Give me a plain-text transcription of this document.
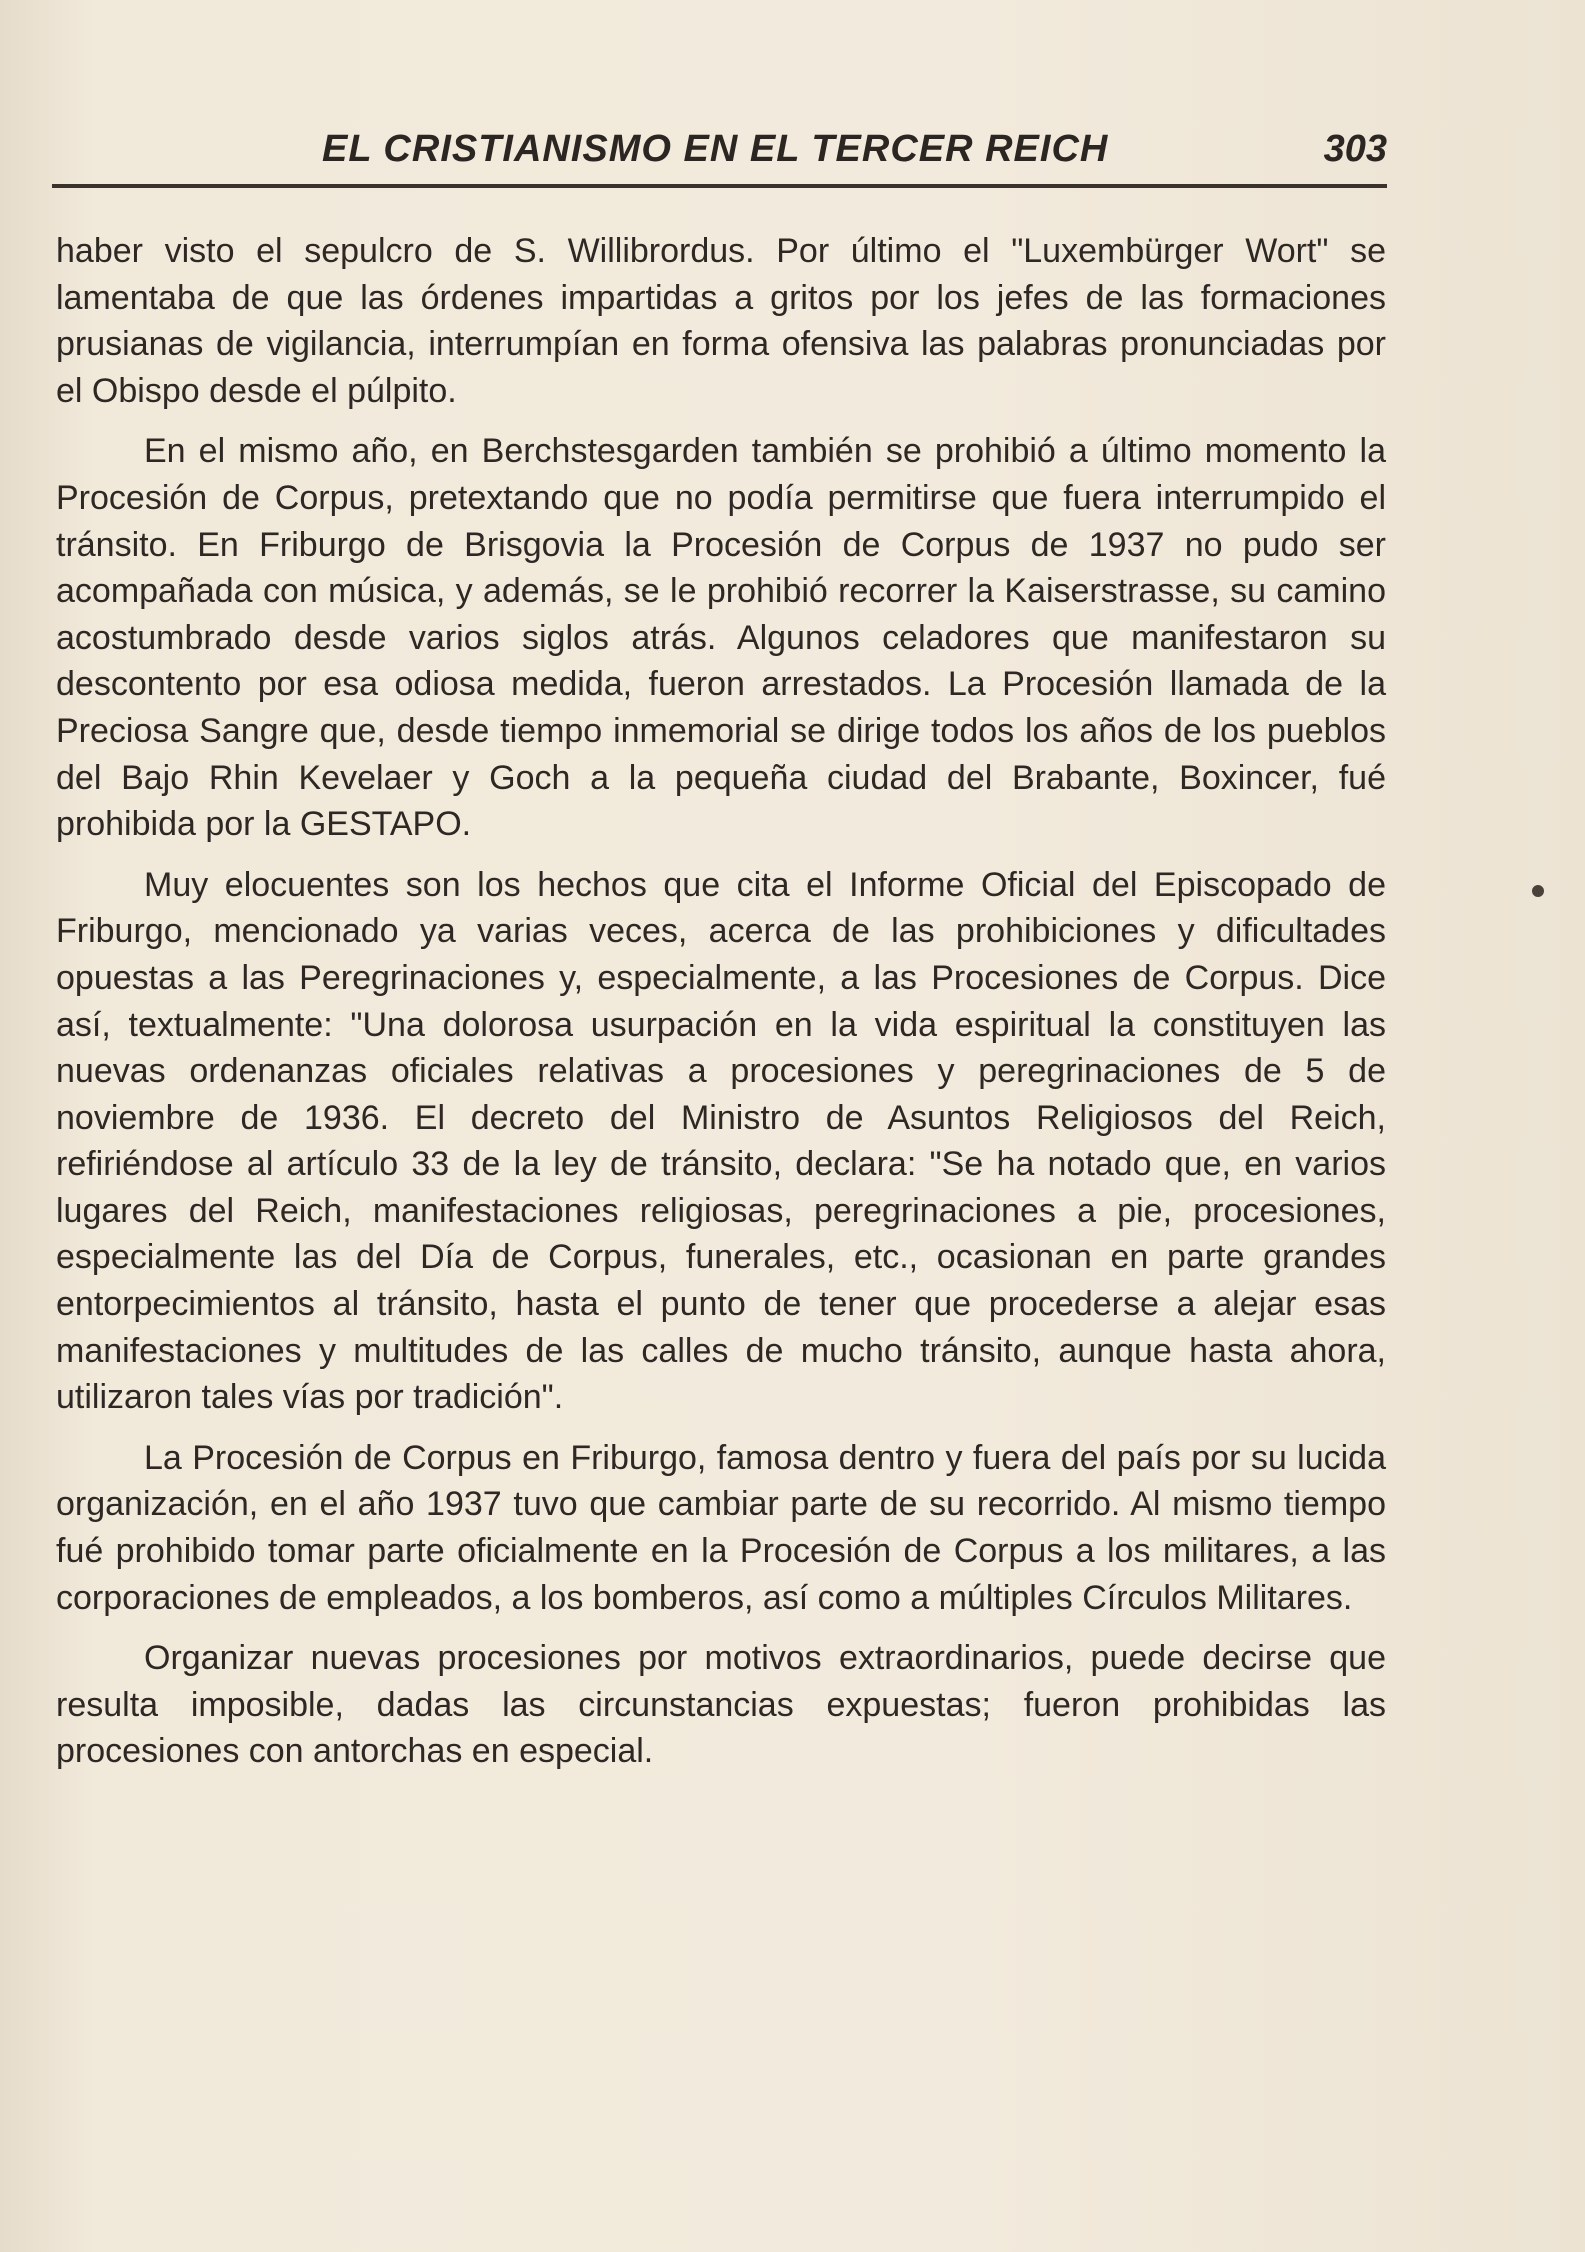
EL CRISTIANISMO EN EL TERCER REICH	303

haber visto el sepulcro de S. Willibrordus. Por último el "Luxembürger Wort" se lamentaba de que las órdenes impartidas a gritos por los jefes de las formaciones prusianas de vigilancia, interrumpían en forma ofensiva las palabras pronunciadas por el Obispo desde el púlpito.

En el mismo año, en Berchstesgarden también se prohibió a último momento la Procesión de Corpus, pretextando que no podía permitirse que fuera interrumpido el tránsito. En Friburgo de Brisgovia la Procesión de Corpus de 1937 no pudo ser acompañada con música, y además, se le prohibió recorrer la Kaiserstrasse, su camino acostumbrado desde varios siglos atrás. Algunos celadores que manifestaron su descontento por esa odiosa medida, fueron arrestados. La Procesión llamada de la Preciosa Sangre que, desde tiempo inmemorial se dirige todos los años de los pueblos del Bajo Rhin Kevelaer y Goch a la pequeña ciudad del Brabante, Boxincer, fué prohibida por la GESTAPO.

Muy elocuentes son los hechos que cita el Informe Oficial del Episcopado de Friburgo, mencionado ya varias veces, acerca de las prohibiciones y dificultades opuestas a las Peregrinaciones y, especialmente, a las Procesiones de Corpus. Dice así, textualmente: "Una dolorosa usurpación en la vida espiritual la constituyen las nuevas ordenanzas oficiales relativas a procesiones y peregrinaciones de 5 de noviembre de 1936. El decreto del Ministro de Asuntos Religiosos del Reich, refiriéndose al artículo 33 de la ley de tránsito, declara: "Se ha notado que, en varios lugares del Reich, manifestaciones religiosas, peregrinaciones a pie, procesiones, especialmente las del Día de Corpus, funerales, etc., ocasionan en parte grandes entorpecimientos al tránsito, hasta el punto de tener que procederse a alejar esas manifestaciones y multitudes de las calles de mucho tránsito, aunque hasta ahora, utilizaron tales vías por tradición".

La Procesión de Corpus en Friburgo, famosa dentro y fuera del país por su lucida organización, en el año 1937 tuvo que cambiar parte de su recorrido. Al mismo tiempo fué prohibido tomar parte oficialmente en la Procesión de Corpus a los militares, a las corporaciones de empleados, a los bomberos, así como a múltiples Círculos Militares.

Organizar nuevas procesiones por motivos extraordinarios, puede decirse que resulta imposible, dadas las circunstancias expuestas; fueron prohibidas las procesiones con antorchas en especial.
